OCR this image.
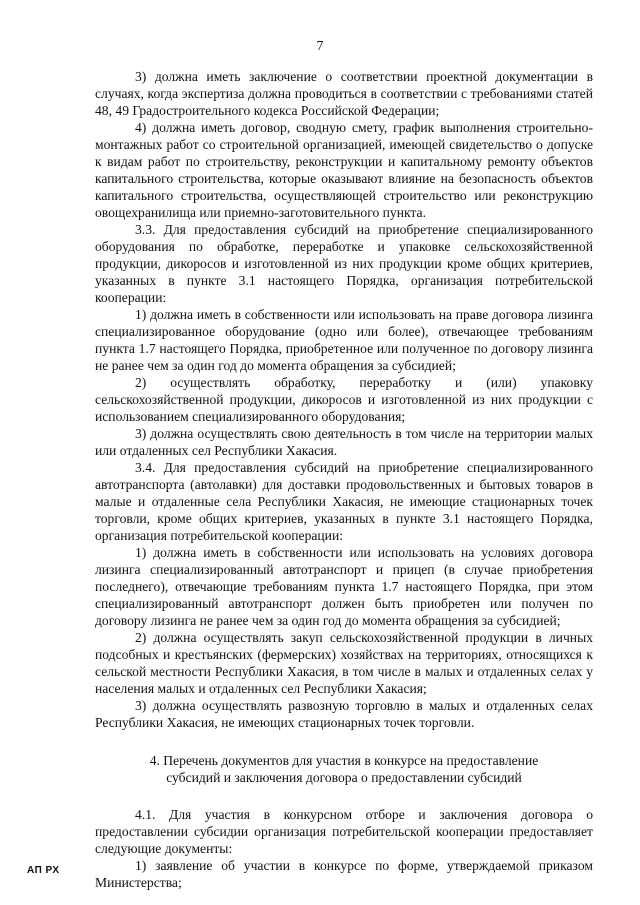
7

3) должна иметь заключение о соответствии проектной документации в случаях, когда экспертиза должна проводиться в соответствии с требованиями статей 48, 49 Градостроительного кодекса Российской Федерации;

4) должна иметь договор, сводную смету, график выполнения строительно-монтажных работ со строительной организацией, имеющей свидетельство о допуске к видам работ по строительству, реконструкции и капитальному ремонту объектов капитального строительства, которые оказывают влияние на безопасность объектов капитального строительства, осуществляющей строительство или реконструкцию овощехранилища или приемно-заготовительного пункта.

3.3. Для предоставления субсидий на приобретение специализированного оборудования по обработке, переработке и упаковке сельскохозяйственной продукции, дикоросов и изготовленной из них продукции кроме общих критериев, указанных в пункте 3.1 настоящего Порядка, организация потребительской кооперации:

1) должна иметь в собственности или использовать на праве договора лизинга специализированное оборудование (одно или более), отвечающее требованиям пункта 1.7 настоящего Порядка, приобретенное или полученное по договору лизинга не ранее чем за один год до момента обращения за субсидией;

2) осуществлять обработку, переработку и (или) упаковку сельскохозяйственной продукции, дикоросов и изготовленной из них продукции с использованием специализированного оборудования;

3) должна осуществлять свою деятельность в том числе на территории малых или отдаленных сел Республики Хакасия.

3.4. Для предоставления субсидий на приобретение специализированного автотранспорта (автолавки) для доставки продовольственных и бытовых товаров в малые и отдаленные села Республики Хакасия, не имеющие стационарных точек торговли, кроме общих критериев, указанных в пункте 3.1 настоящего Порядка, организация потребительской кооперации:

1) должна иметь в собственности или использовать на условиях договора лизинга специализированный автотранспорт и прицеп (в случае приобретения последнего), отвечающие требованиям пункта 1.7 настоящего Порядка, при этом специализированный автотранспорт должен быть приобретен или получен по договору лизинга не ранее чем за один год до момента обращения за субсидией;

2) должна осуществлять закуп сельскохозяйственной продукции в личных подсобных и крестьянских (фермерских) хозяйствах на территориях, относящихся к сельской местности Республики Хакасия, в том числе в малых и отдаленных селах у населения малых и отдаленных сел Республики Хакасия;

3) должна осуществлять развозную торговлю в малых и отдаленных селах Республики Хакасия, не имеющих стационарных точек торговли.

4. Перечень документов для участия в конкурсе на предоставление
субсидий и заключения договора о предоставлении субсидий

4.1. Для участия в конкурсном отборе и заключения договора о предоставлении субсидии организация потребительской кооперации предоставляет следующие документы:

1) заявление об участии в конкурсе по форме, утверждаемой приказом Министерства;

АП РХ
